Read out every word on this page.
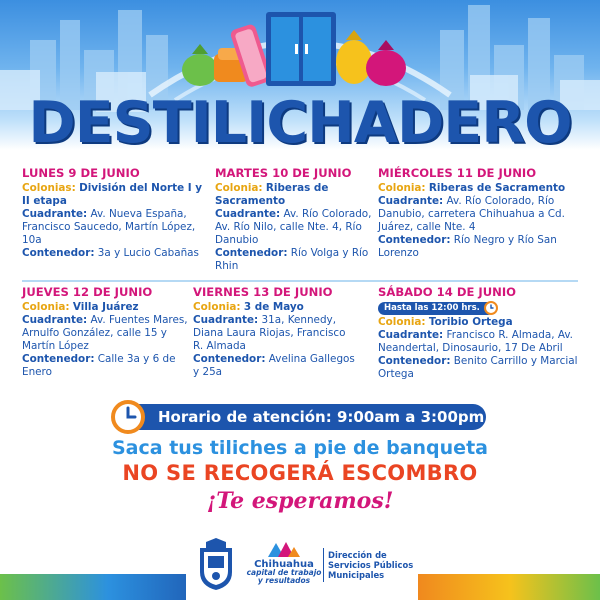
DESTILICHADERO
LUNES 9 DE JUNIO
Colonias: División del Norte I y II etapa
Cuadrante: Av. Nueva España, Francisco Saucedo, Martín López, 10a
Contenedor: 3a y Lucio Cabañas
MARTES 10 DE JUNIO
Colonia: Riberas de Sacramento
Cuadrante: Av. Río Colorado, Av. Río Nilo, calle Nte. 4, Río Danubio
Contenedor: Río Volga y Río Rhin
MIÉRCOLES 11 DE JUNIO
Colonia: Riberas de Sacramento
Cuadrante: Av. Río Colorado, Río Danubio, carretera Chihuahua a Cd. Juárez, calle Nte. 4
Contenedor: Río Negro y Río San Lorenzo
JUEVES 12 DE JUNIO
Colonia: Villa Juárez
Cuadrante: Av. Fuentes Mares, Arnulfo González, calle 15 y Martín López
Contenedor: Calle 3a y 6 de Enero
VIERNES 13 DE JUNIO
Colonia: 3 de Mayo
Cuadrante: 31a, Kennedy, Diana Laura Riojas, Francisco R. Almada
Contenedor: Avelina Gallegos y 25a
SÁBADO 14 DE JUNIO
Hasta las 12:00 hrs.
Colonia: Toribio Ortega
Cuadrante: Francisco R. Almada, Av. Neandertal, Dinosaurio, 17 De Abril
Contenedor: Benito Carrillo y Marcial Ortega
Horario de atención: 9:00am a 3:00pm
Saca tus tiliches a pie de banqueta
NO SE RECOGERÁ ESCOMBRO
¡Te esperamos!
Chihuahua
capital de trabajo y resultados
Dirección de Servicios Públicos Municipales
